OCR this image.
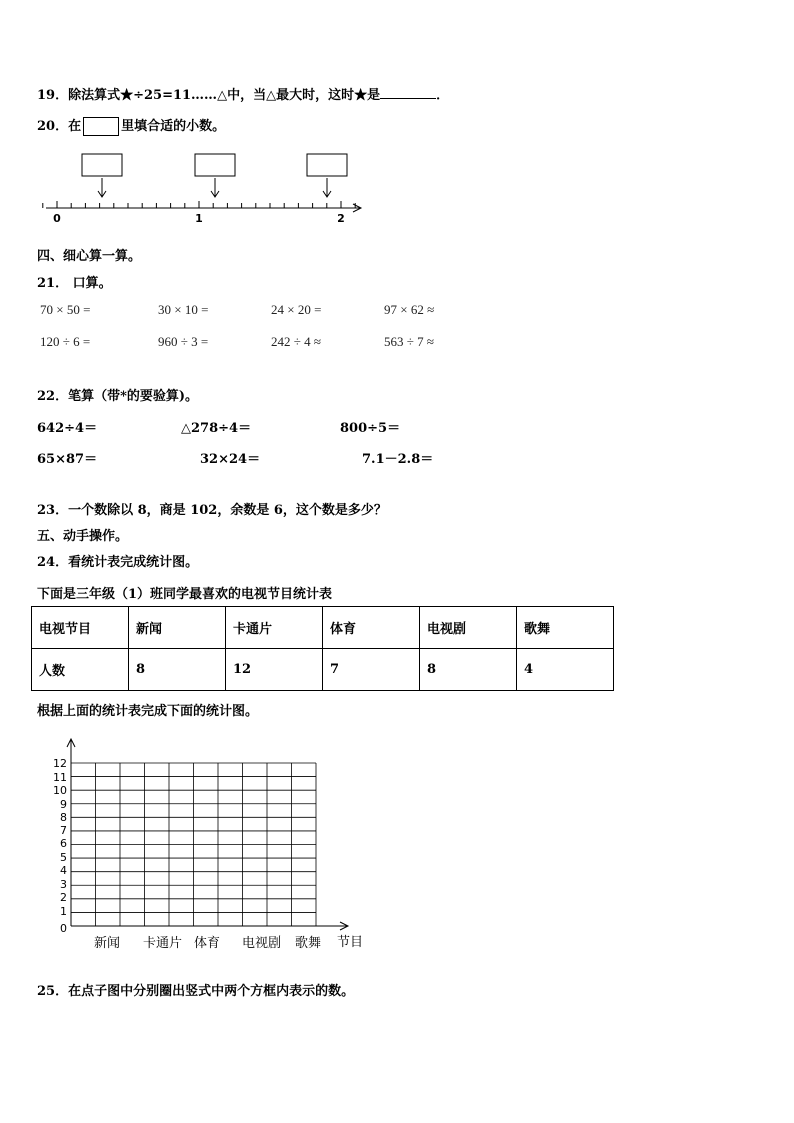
19．除法算式★÷25=11……△中，当△最大时，这时★是	．
20．在	里填合适的小数。
0	1	2
四、细心算一算。
21． 口算。
70 × 50 =	30 × 10 =	24 × 20 =	97 × 62 ≈
120 ÷ 6 =	960 ÷ 3 =	242 ÷ 4 ≈	563 ÷ 7 ≈
22．笔算（带*的要验算)。
642÷4＝	△278÷4＝	800÷5＝
65×87＝	32×24＝	7.1－2.8＝
23．一个数除以 8，商是 102，余数是 6，这个数是多少？
五、动手操作。
24．看统计表完成统计图。
下面是三年级（1）班同学最喜欢的电视节目统计表
电视节目	新闻	卡通片	体育	电视剧	歌舞
人数	8	12	7	8	4
根据上面的统计表完成下面的统计图。
12
11
10
9
8
7
6
5
4
3
2
1
0
新闻 卡通片 体育 电视剧 歌舞 节目
25．在点子图中分别圈出竖式中两个方框内表示的数。
